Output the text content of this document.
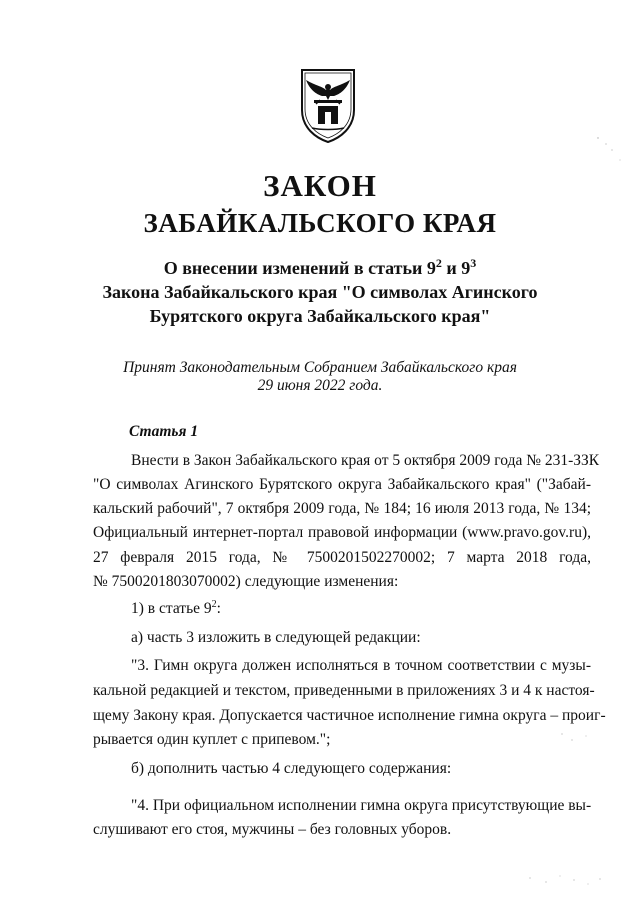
ЗАКОН
ЗАБАЙКАЛЬСКОГО КРАЯ
О внесении изменений в статьи $9^2$ и $9^3$
Закона Забайкальского края "О символах Агинского
Бурятского округа Забайкальского края"
Принят Законодательным Собранием Забайкальского края
29 июня 2022 года.
Статья 1
Внести в Закон Забайкальского края от 5 октября 2009 года № 231-ЗЗК
"О символах Агинского Бурятского округа Забайкальского края" ("Забай-
кальский рабочий", 7 октября 2009 года, № 184; 16 июля 2013 года, № 134;
Официальный интернет-портал правовой информации (www.pravo.gov.ru),
27 февраля 2015 года, № 7500201502270002; 7 марта 2018 года,
№ 7500201803070002) следующие изменения:
1) в статье $9^2$:
а) часть 3 изложить в следующей редакции:
"3. Гимн округа должен исполняться в точном соответствии с музы-
кальной редакцией и текстом, приведенными в приложениях 3 и 4 к настоя-
щему Закону края. Допускается частичное исполнение гимна округа – проиг-
рывается один куплет с припевом.";
б) дополнить частью 4 следующего содержания:
"4. При официальном исполнении гимна округа присутствующие вы-
слушивают его стоя, мужчины – без головных уборов.
